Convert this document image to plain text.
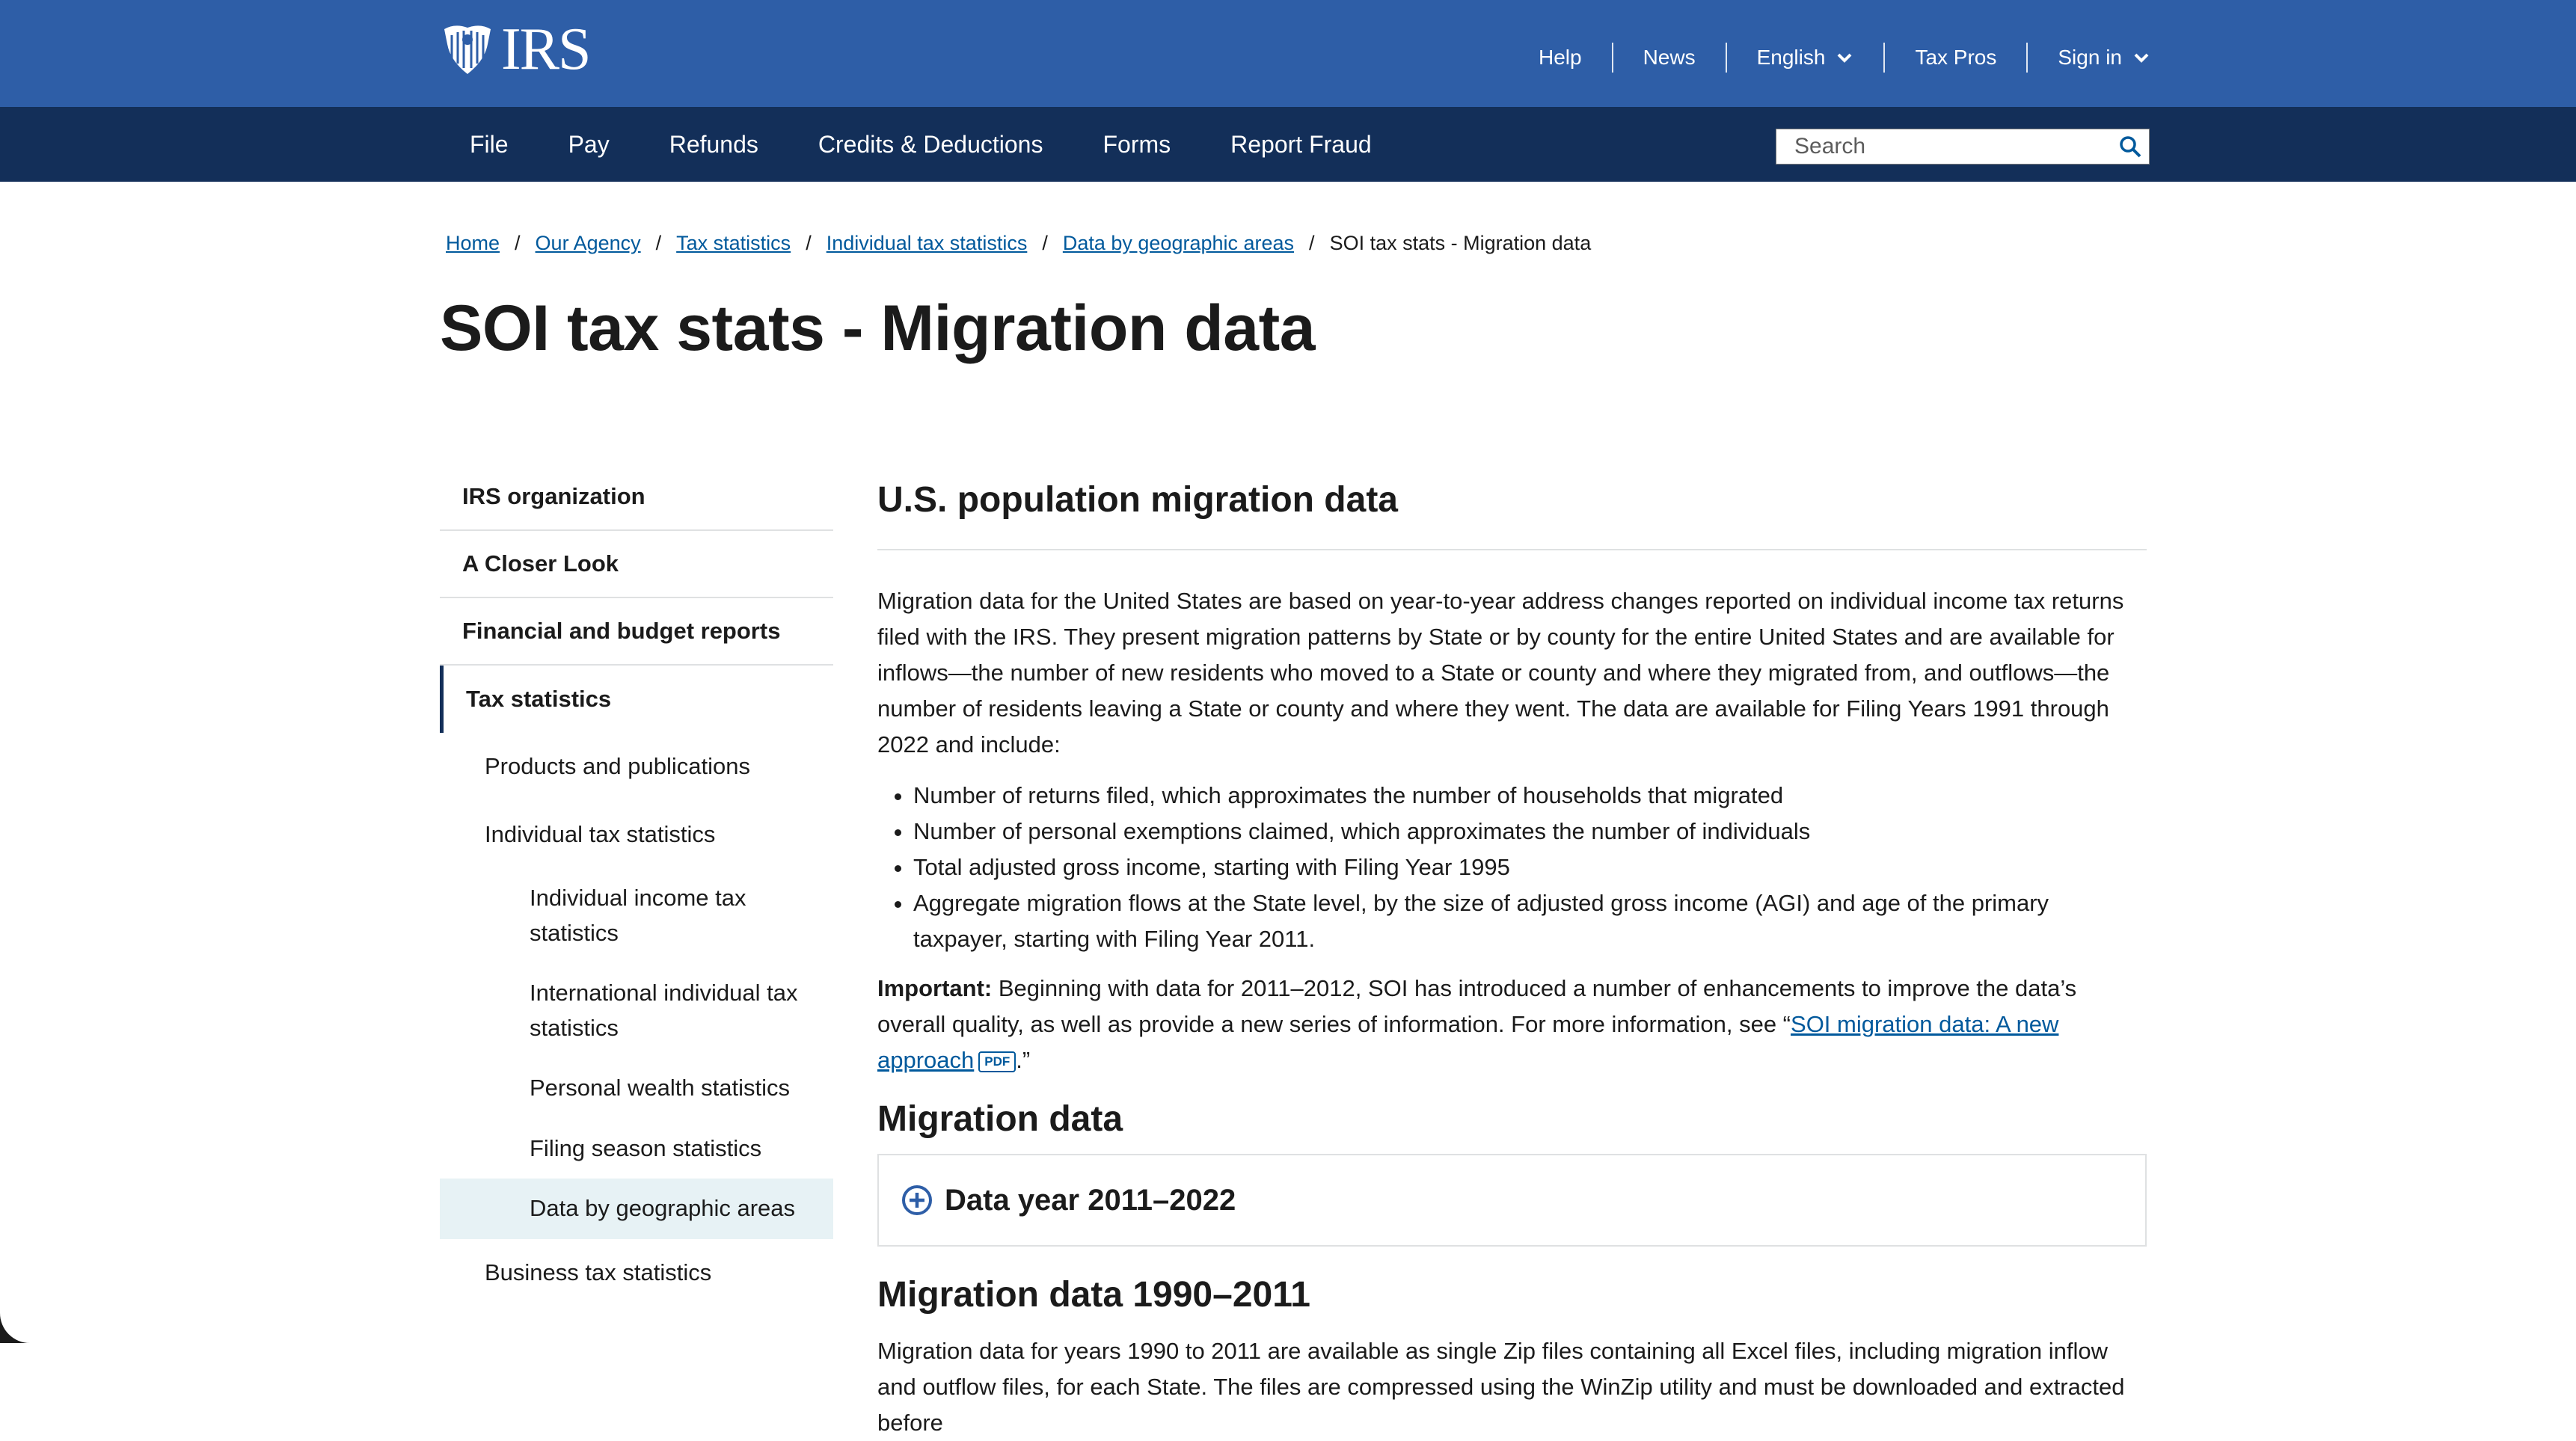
IRS	Help	News	English	Tax Pros	Sign in
File	Pay	Refunds	Credits & Deductions	Forms	Report Fraud
Search
Home / Our Agency / Tax statistics / Individual tax statistics / Data by geographic areas / SOI tax stats - Migration data
SOI tax stats - Migration data
IRS organization
A Closer Look
Financial and budget reports
Tax statistics
Products and publications
Individual tax statistics
Individual income tax statistics
International individual tax statistics
Personal wealth statistics
Filing season statistics
Data by geographic areas
Business tax statistics
U.S. population migration data

Migration data for the United States are based on year-to-year address changes reported on individual income tax returns filed with the IRS. They present migration patterns by State or by county for the entire United States and are available for inflows—the number of new residents who moved to a State or county and where they migrated from, and outflows—the number of residents leaving a State or county and where they went. The data are available for Filing Years 1991 through 2022 and include:

• Number of returns filed, which approximates the number of households that migrated
• Number of personal exemptions claimed, which approximates the number of individuals
• Total adjusted gross income, starting with Filing Year 1995
• Aggregate migration flows at the State level, by the size of adjusted gross income (AGI) and age of the primary taxpayer, starting with Filing Year 2011.

Important: Beginning with data for 2011–2012, SOI has introduced a number of enhancements to improve the data’s overall quality, as well as provide a new series of information. For more information, see “SOI migration data: A new approach PDF .”

Migration data
Data year 2011–2022
Migration data 1990–2011

Migration data for years 1990 to 2011 are available as single Zip files containing all Excel files, including migration inflow and outflow files, for each State. The files are compressed using the WinZip utility and must be downloaded and extracted before
